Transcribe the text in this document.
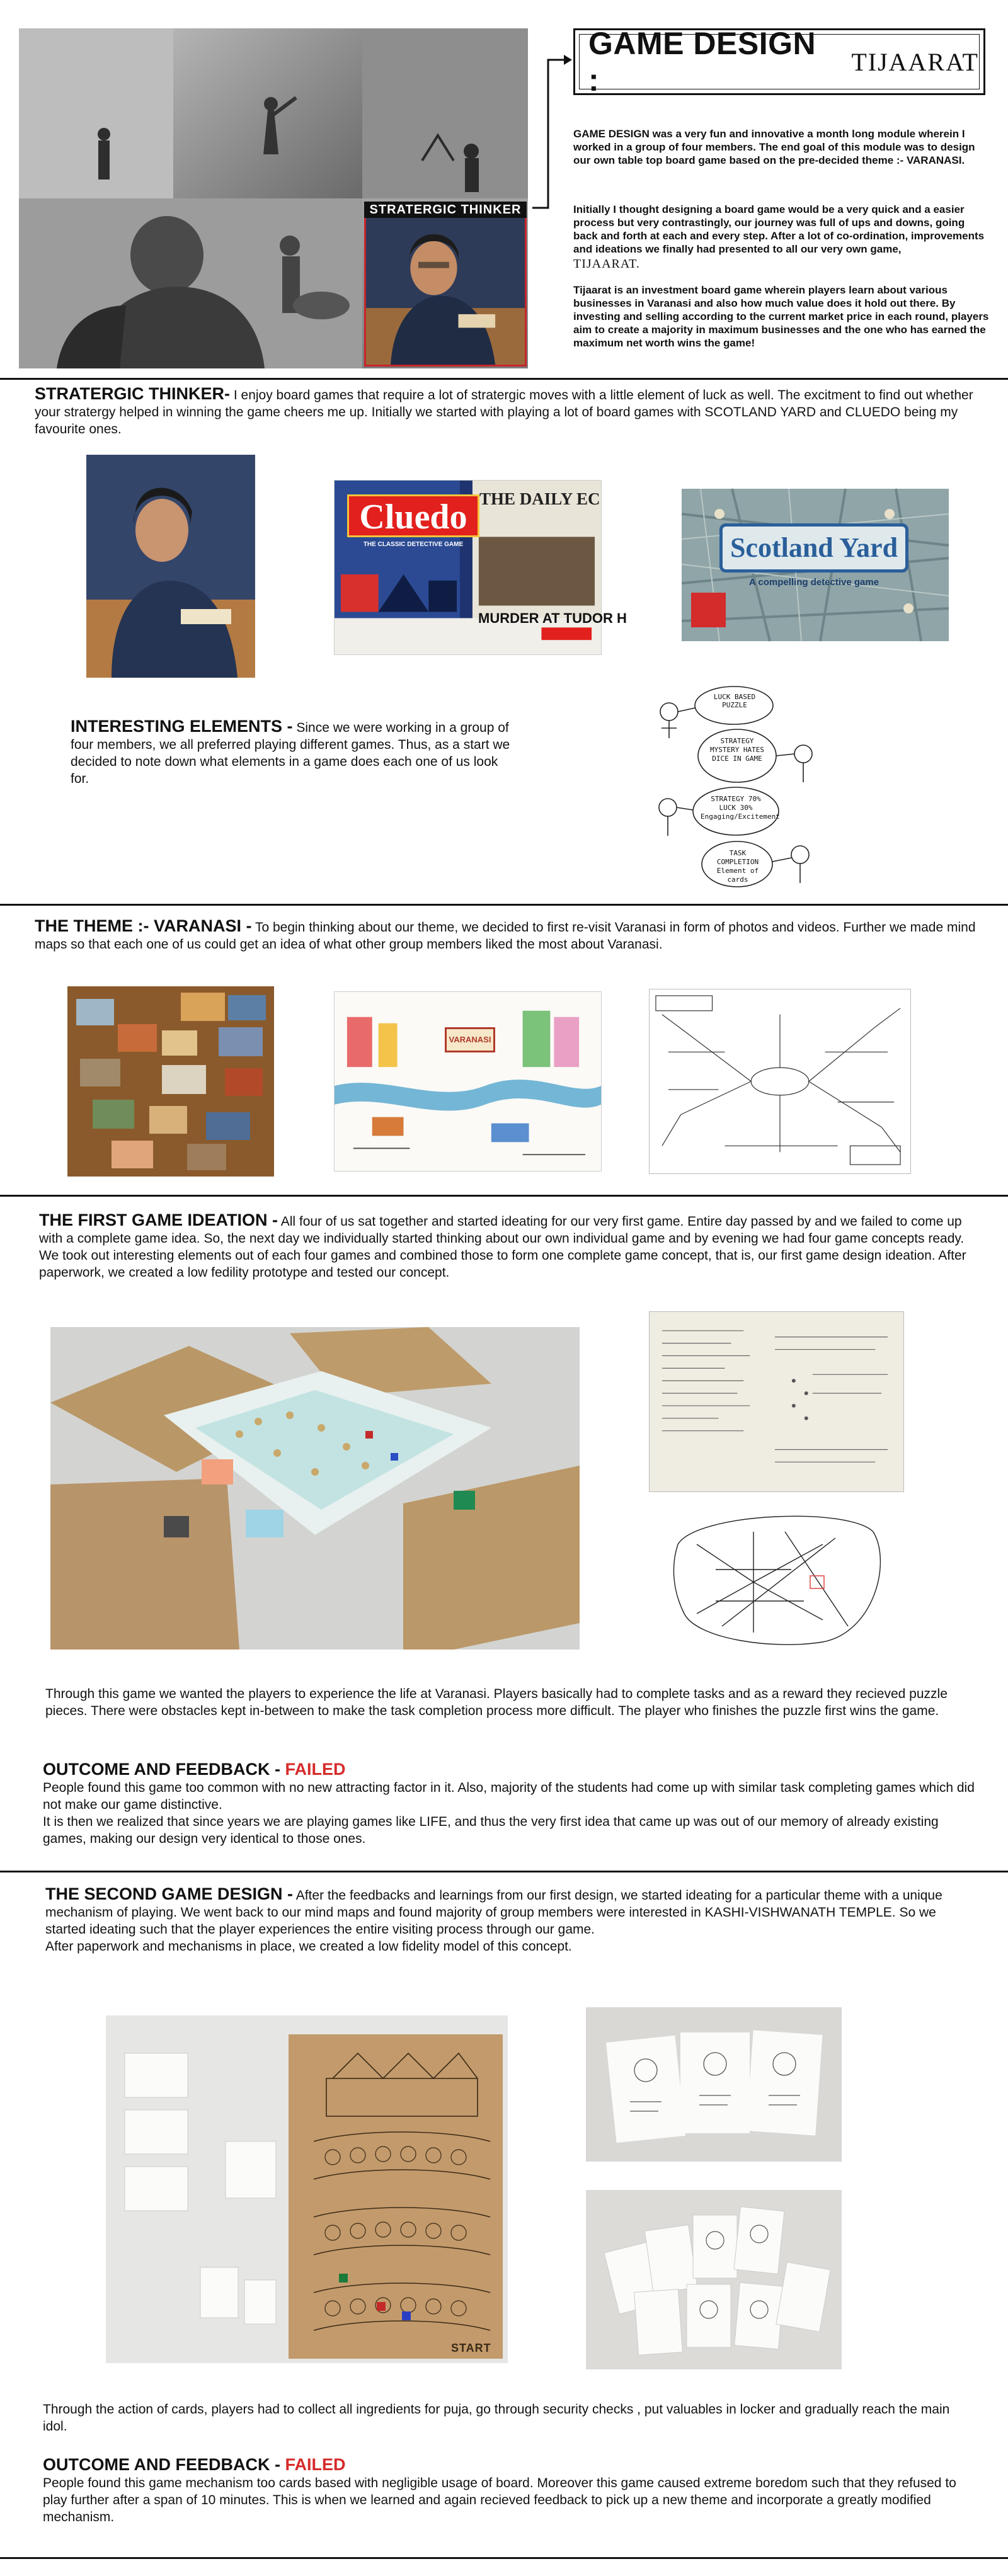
STRATERGIC THINKER
GAME DESIGN :
TIJAARAT
GAME DESIGN was a very fun and innovative a month long module wherein I worked in a group of four members. The end goal of this module was to design our own table top board game based on the pre-decided theme :- VARANASI.
Initially I thought designing a board game would be a very quick and a easier process but very contrastingly, our journey was full of ups and downs, going back and forth at each and every step. After a lot of co-ordination, improvements and ideations we finally had presented to all our very own game,
TIJAARAT.
Tijaarat is an investment board game wherein players learn about various businesses in Varanasi and also how much value does it hold out there. By investing and selling according to the current market price in each round, players aim to create a majority in maximum businesses and the one who has earned the maximum net worth wins the game!
STRATERGIC THINKER- I enjoy board games that require a lot of stratergic moves with a little element of luck as well. The excitment to find out whether your stratergy helped in winning the game cheers me up. Initially we started with playing a lot of board games with SCOTLAND YARD and CLUEDO being my favourite ones.
Cluedo
THE CLASSIC DETECTIVE GAME
THE DAILY EC
MURDER AT TUDOR H
Scotland Yard
A compelling detective game
INTERESTING ELEMENTS - Since we were working in a group of four members, we all preferred playing different games. Thus, as a start we decided to note down what elements in a game does each one of us look for.
LUCK BASED PUZZLE
STRATEGY MYSTERY HATES DICE IN GAME
STRATEGY 70% LUCK 30% Engaging/Excitement
TASK COMPLETION Element of cards
THE THEME :- VARANASI - To begin thinking about our theme, we decided to first re-visit Varanasi in form of photos and videos. Further we made mind maps so that each one of us could get an idea of what other group members liked the most about Varanasi.
VARANASI
THE FIRST GAME IDEATION - All four of us sat together and started ideating for our very first game. Entire day passed by and we failed to come up with a complete game idea. So, the next day we individually started thinking about our own individual game and by evening we had four game concepts ready. We took out interesting elements out of each four games and combined those to form one complete game concept, that is, our first game design ideation. After paperwork, we created a low fedility prototype and tested our concept.
Through this game we wanted the players to experience the life at Varanasi. Players basically had to complete tasks and as a reward they recieved puzzle pieces. There were obstacles kept in-between to make the task completion process more difficult. The player who finishes the puzzle first wins the game.
OUTCOME AND FEEDBACK - FAILED
People found this game too common with no new attracting factor in it. Also, majority of the students had come up with similar task completing games which did not make our game distinctive.
It is then we realized that since years we are playing games like LIFE, and thus the very first idea that came up was out of our memory of already existing games, making our design very identical to those ones.
THE SECOND GAME DESIGN - After the feedbacks and learnings from our first design, we started ideating for a particular theme with a unique mechanism of playing. We went back to our mind maps and found majority of group members were interested in KASHI-VISHWANATH TEMPLE. So we started ideating such that the player experiences the entire visiting process through our game.
After paperwork and mechanisms in place, we created a low fidelity model of this concept.
START
Through the action of cards, players had to collect all ingredients for puja, go through security checks , put valuables in locker and gradually reach the main idol.
OUTCOME AND FEEDBACK - FAILED
People found this game mechanism too cards based with negligible usage of board. Moreover this game caused extreme boredom such that they refused to play further after a span of 10 minutes. This is when we learned and again recieved feedback to pick up a new theme and incorporate a greatly modified mechanism.
